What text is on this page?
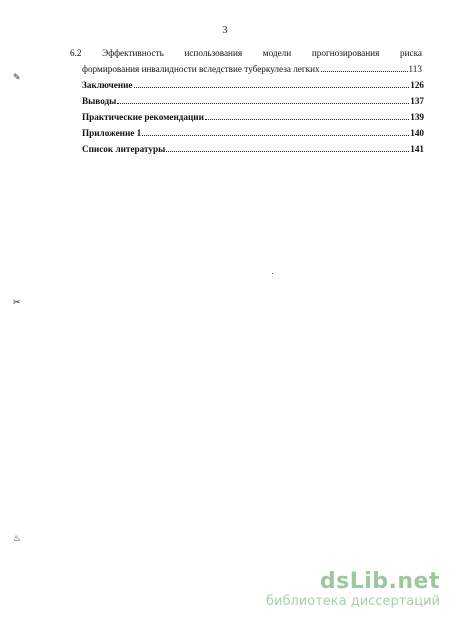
3
6.2 Эффективность использования модели прогнозирования риска
формирования инвалидности вследствие туберкулеза легких	113
Заключение	126
Выводы	137
Практические рекомендации	139
Приложение 1	140
Список литературы	141
✎
✂
♨
dsLib.net
библиотека диссертаций
